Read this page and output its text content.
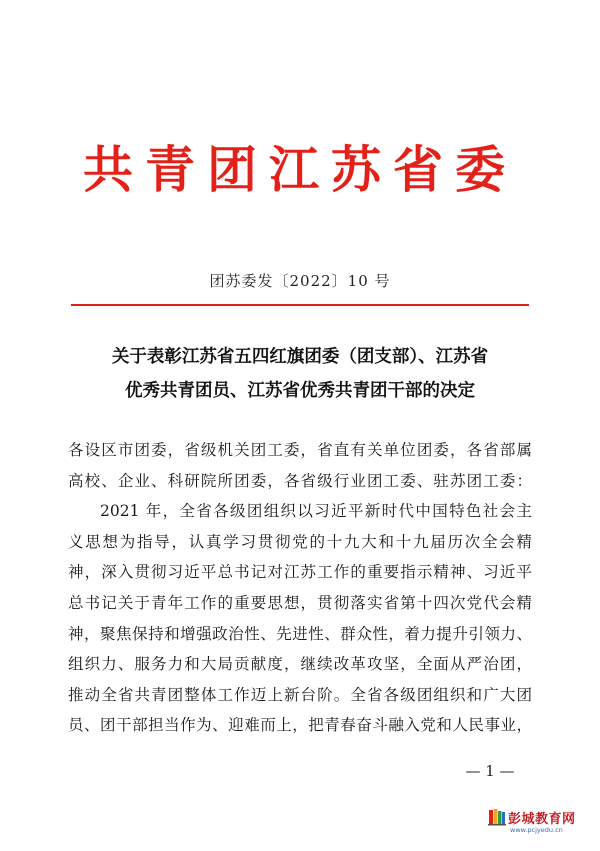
共青团江苏省委
团苏委发〔2022〕10 号
关于表彰江苏省五四红旗团委（团支部）、江苏省
优秀共青团员、江苏省优秀共青团干部的决定
各设区市团委，省级机关团工委，省直有关单位团委，各省部属
高校、企业、科研院所团委，各省级行业团工委、驻苏团工委：
2021 年，全省各级团组织以习近平新时代中国特色社会主
义思想为指导，认真学习贯彻党的十九大和十九届历次全会精
神，深入贯彻习近平总书记对江苏工作的重要指示精神、习近平
总书记关于青年工作的重要思想，贯彻落实省第十四次党代会精
神，聚焦保持和增强政治性、先进性、群众性，着力提升引领力、
组织力、服务力和大局贡献度，继续改革攻坚，全面从严治团，
推动全省共青团整体工作迈上新台阶。全省各级团组织和广大团
员、团干部担当作为、迎难而上，把青春奋斗融入党和人民事业，
— 1 —
彭城教育网
www.pcjyedu.cn
